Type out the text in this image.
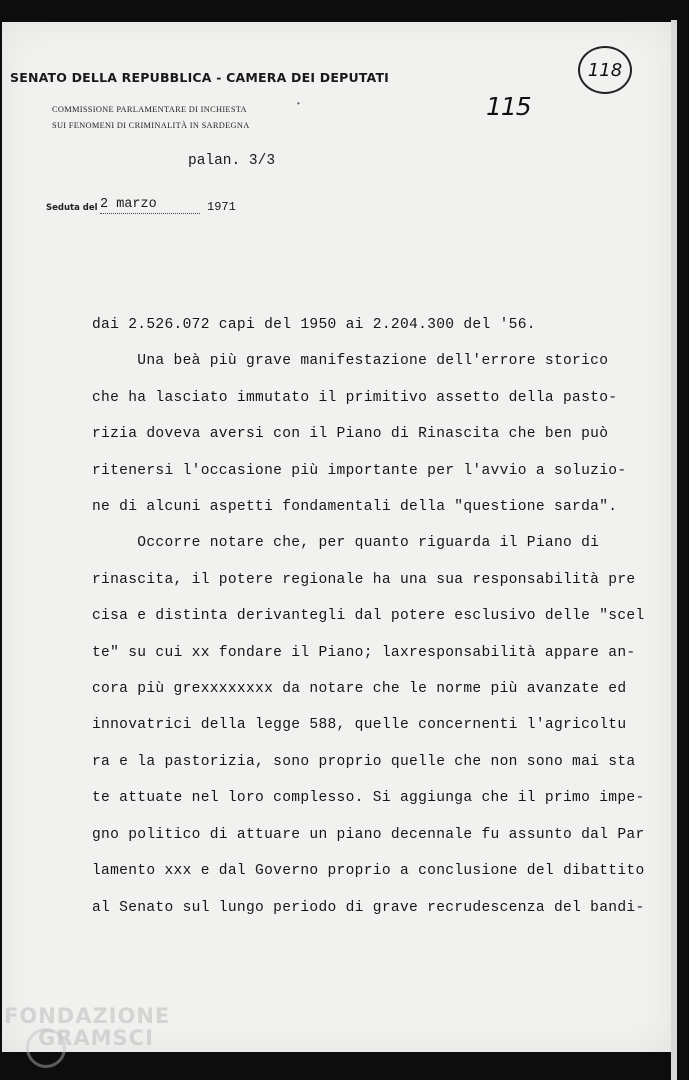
SENATO DELLA REPUBBLICA - CAMERA DEI DEPUTATI
COMMISSIONE PARLAMENTARE DI INCHIESTA
SUI FENOMENI DI CRIMINALITÀ IN SARDEGNA
•	115
118
palan. 3/3
Seduta del 2 marzo	1971
dai 2.526.072 capi del 1950 ai 2.204.300 del '56.
Una beà più grave manifestazione dell'errore storico
che ha lasciato immutato il primitivo assetto della pasto-
rizia doveva aversi con il Piano di Rinascita che ben può
ritenersi l'occasione più importante per l'avvio a soluzio-
ne di alcuni aspetti fondamentali della "questione sarda".
Occorre notare che, per quanto riguarda il Piano di
rinascita, il potere regionale ha una sua responsabilità pre
cisa e distinta derivantegli dal potere esclusivo delle "scel
te" su cui xx fondare il Piano; laxresponsabilità appare an-
cora più grexxxxxxxx da notare che le norme più avanzate ed
innovatrici della legge 588, quelle concernenti l'agricoltu
ra e la pastorizia, sono proprio quelle che non sono mai sta
te attuate nel loro complesso. Si aggiunga che il primo impe-
gno politico di attuare un piano decennale fu assunto dal Par
lamento xxx e dal Governo proprio a conclusione del dibattito
al Senato sul lungo periodo di grave recrudescenza del bandi-
FONDAZIONE
GRAMSCI
